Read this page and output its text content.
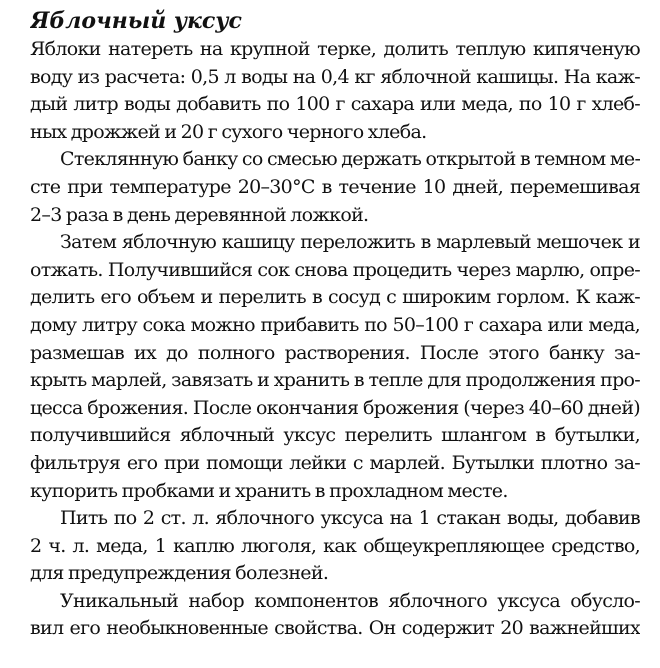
Яблочный уксус
Яблоки натереть на крупной терке, долить теплую кипяченую
воду из расчета: 0,5 л воды на 0,4 кг яблочной кашицы. На каж-
дый литр воды добавить по 100 г сахара или меда, по 10 г хлеб-
ных дрожжей и 20 г сухого черного хлеба.
Стеклянную банку со смесью держать открытой в темном ме-
сте при температуре 20–30°С в течение 10 дней, перемешивая
2–3 раза в день деревянной ложкой.
Затем яблочную кашицу переложить в марлевый мешочек и
отжать. Получившийся сок снова процедить через марлю, опре-
делить его объем и перелить в сосуд с широким горлом. К каж-
дому литру сока можно прибавить по 50–100 г сахара или меда,
размешав их до полного растворения. После этого банку за-
крыть марлей, завязать и хранить в тепле для продолжения про-
цесса брожения. После окончания брожения (через 40–60 дней)
получившийся яблочный уксус перелить шлангом в бутылки,
фильтруя его при помощи лейки с марлей. Бутылки плотно за-
купорить пробками и хранить в прохладном месте.
Пить по 2 ст. л. яблочного уксуса на 1 стакан воды, добавив
2 ч. л. меда, 1 каплю люголя, как общеукрепляющее средство,
для предупреждения болезней.
Уникальный набор компонентов яблочного уксуса обусло-
вил его необыкновенные свойства. Он содержит 20 важнейших
